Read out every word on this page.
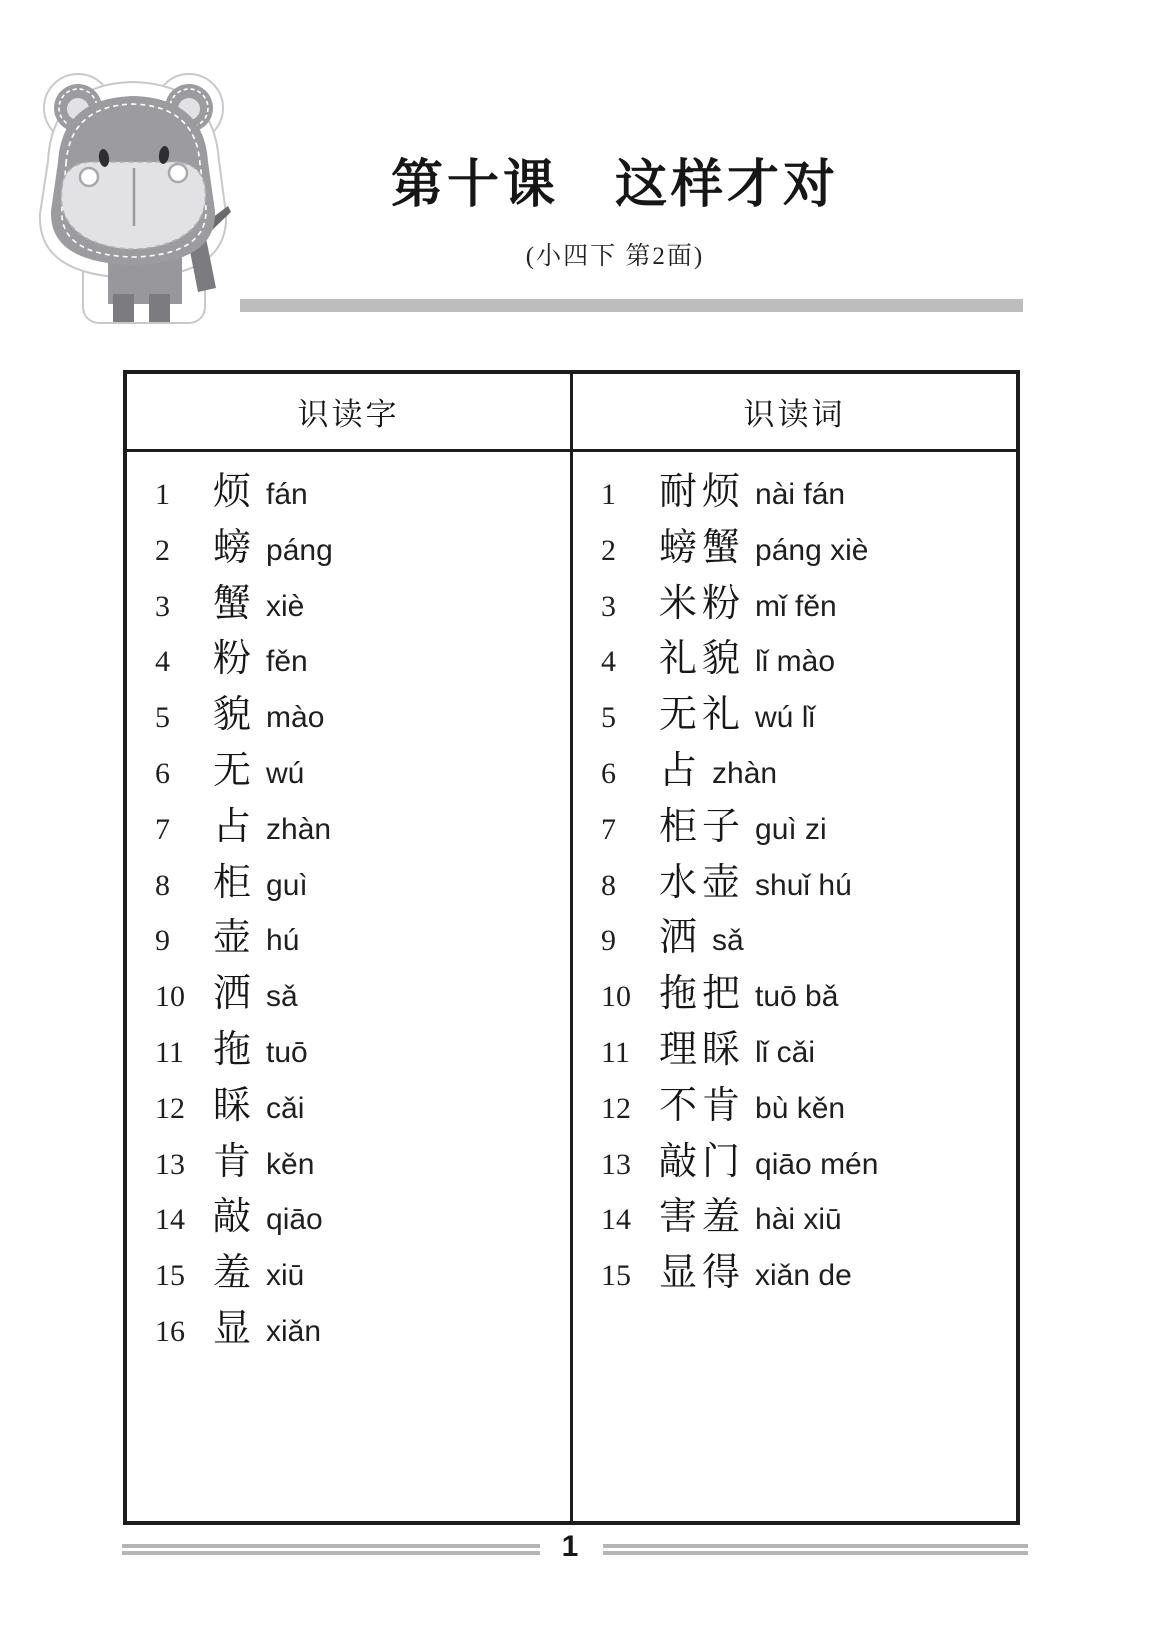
第十课　这样才对
(小四下 第2面)
识读字	识读词
1 烦 fán
2 螃 páng
3 蟹 xiè
4 粉 fěn
5 貌 mào
6 无 wú
7 占 zhàn
8 柜 guì
9 壶 hú
10 洒 sǎ
11 拖 tuō
12 睬 cǎi
13 肯 kěn
14 敲 qiāo
15 羞 xiū
16 显 xiǎn
1 耐烦 nài fán
2 螃蟹 páng xiè
3 米粉 mǐ fěn
4 礼貌 lǐ mào
5 无礼 wú lǐ
6 占 zhàn
7 柜子 guì zi
8 水壶 shuǐ hú
9 洒 sǎ
10 拖把 tuō bǎ
11 理睬 lǐ cǎi
12 不肯 bù kěn
13 敲门 qiāo mén
14 害羞 hài xiū
15 显得 xiǎn de
1
